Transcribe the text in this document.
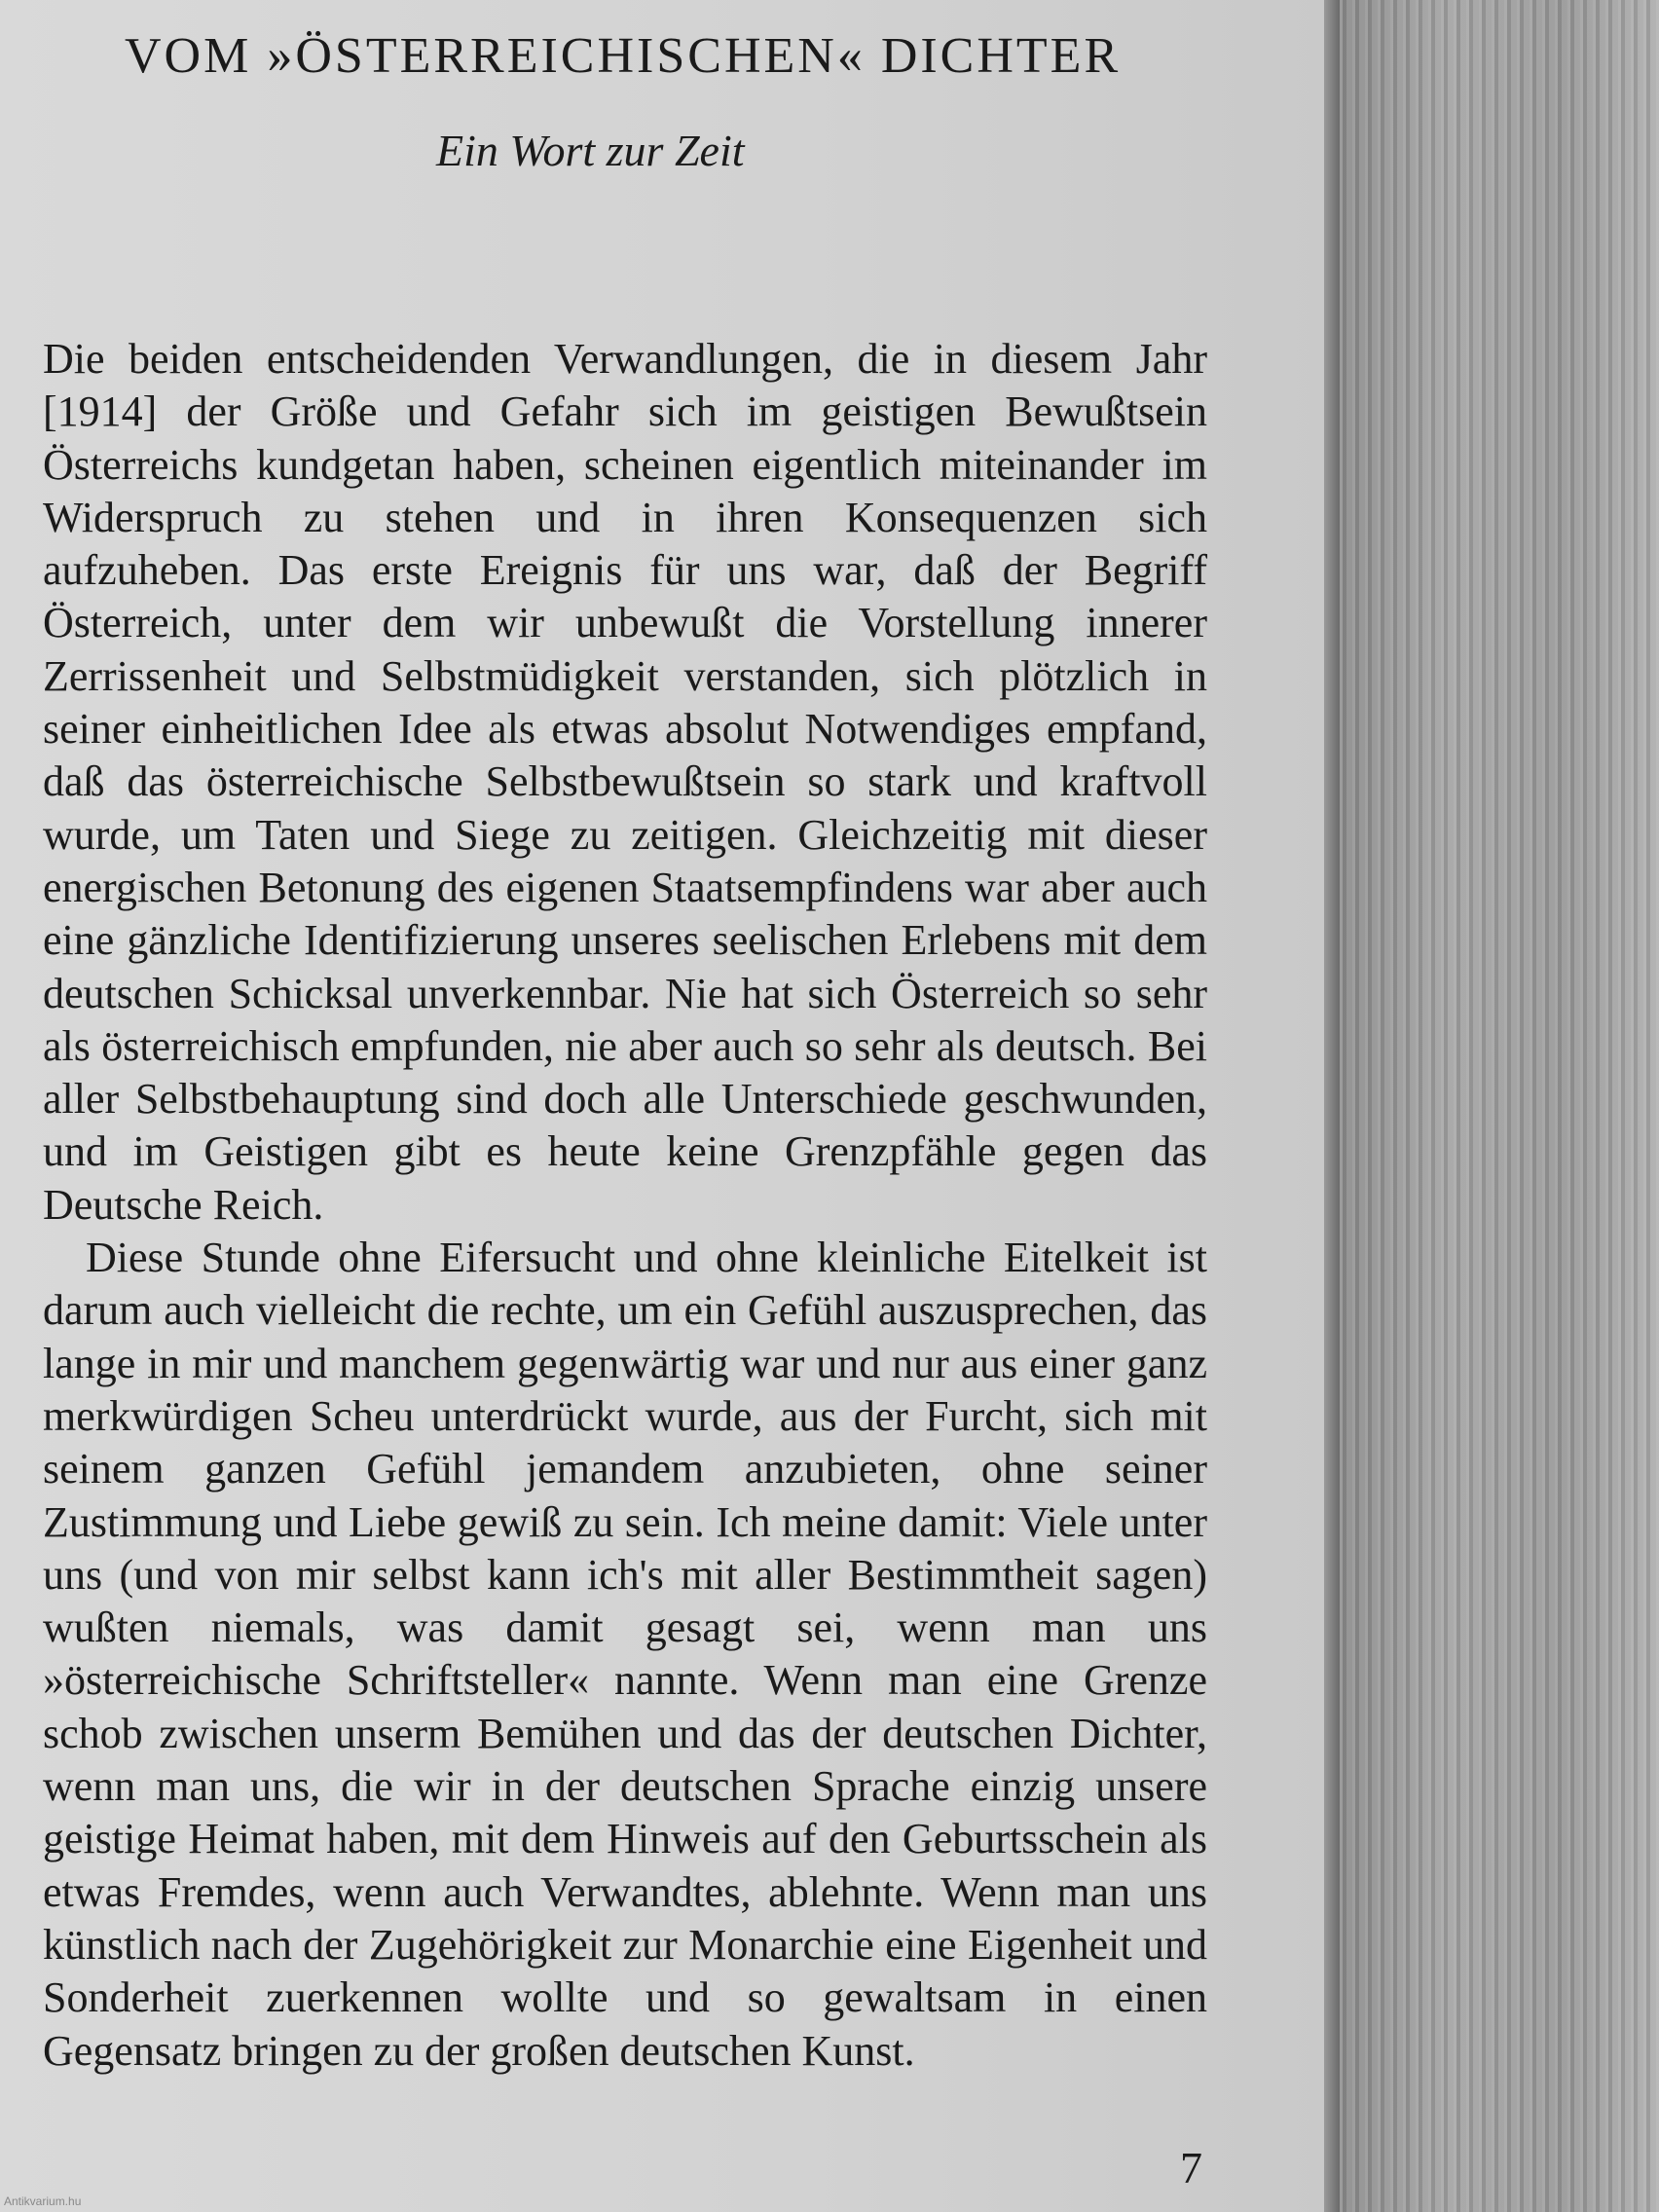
VOM »ÖSTERREICHISCHEN« DICHTER

Ein Wort zur Zeit

Die beiden entscheidenden Verwandlungen, die in diesem Jahr [1914] der Größe und Gefahr sich im geistigen Bewußtsein Österreichs kundgetan haben, scheinen eigentlich miteinander im Widerspruch zu stehen und in ihren Konsequenzen sich aufzuheben. Das erste Ereignis für uns war, daß der Begriff Österreich, unter dem wir unbewußt die Vorstellung innerer Zerrissenheit und Selbstmüdigkeit verstanden, sich plötzlich in seiner einheitlichen Idee als etwas absolut Notwendiges empfand, daß das österreichische Selbstbewußtsein so stark und kraftvoll wurde, um Taten und Siege zu zeitigen. Gleichzeitig mit dieser energischen Betonung des eigenen Staatsempfindens war aber auch eine gänzliche Identifizierung unseres seelischen Erlebens mit dem deutschen Schicksal unverkennbar. Nie hat sich Österreich so sehr als österreichisch empfunden, nie aber auch so sehr als deutsch. Bei aller Selbstbehauptung sind doch alle Unterschiede geschwunden, und im Geistigen gibt es heute keine Grenzpfähle gegen das Deutsche Reich.

Diese Stunde ohne Eifersucht und ohne kleinliche Eitelkeit ist darum auch vielleicht die rechte, um ein Gefühl auszusprechen, das lange in mir und manchem gegenwärtig war und nur aus einer ganz merkwürdigen Scheu unterdrückt wurde, aus der Furcht, sich mit seinem ganzen Gefühl jemandem anzubieten, ohne seiner Zustimmung und Liebe gewiß zu sein. Ich meine damit: Viele unter uns (und von mir selbst kann ich's mit aller Bestimmtheit sagen) wußten niemals, was damit gesagt sei, wenn man uns »österreichische Schriftsteller« nannte. Wenn man eine Grenze schob zwischen unserm Bemühen und das der deutschen Dichter, wenn man uns, die wir in der deutschen Sprache einzig unsere geistige Heimat haben, mit dem Hinweis auf den Geburtsschein als etwas Fremdes, wenn auch Verwandtes, ablehnte. Wenn man uns künstlich nach der Zugehörigkeit zur Monarchie eine Eigenheit und Sonderheit zuerkennen wollte und so gewaltsam in einen Gegensatz bringen zu der großen deutschen Kunst.

7

Antikvarium.hu
